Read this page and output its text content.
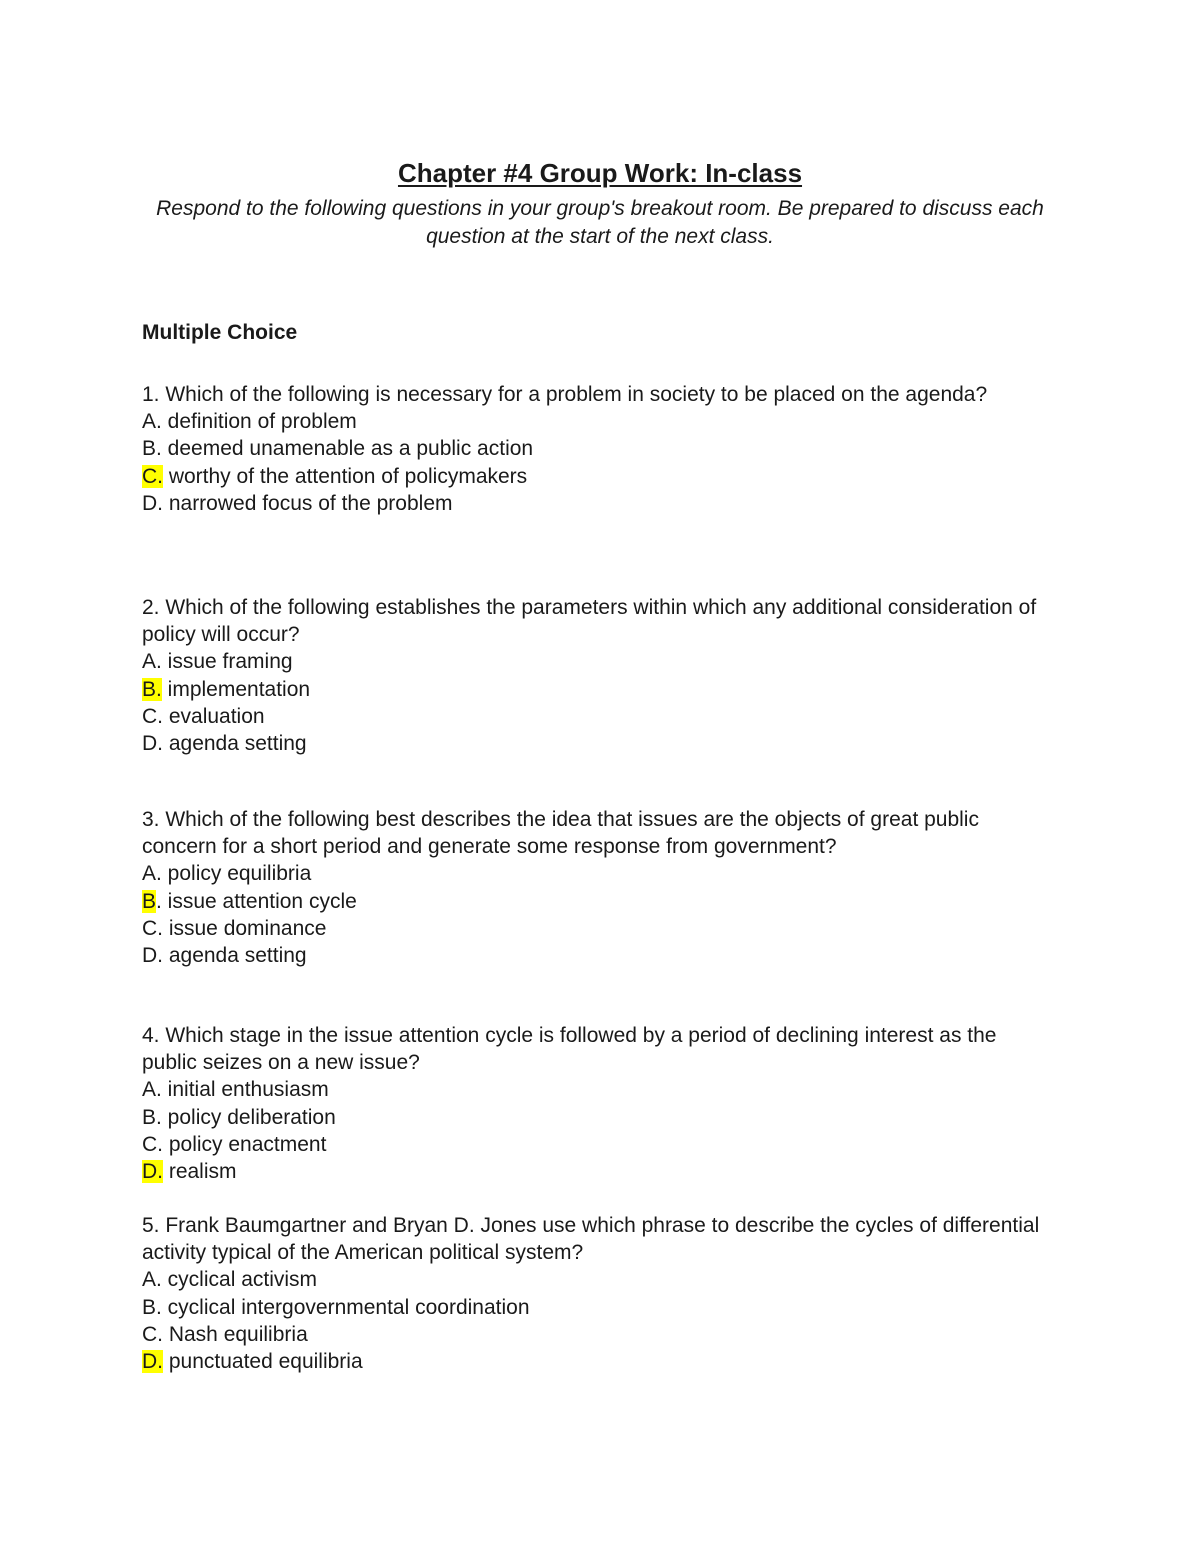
Chapter #4 Group Work: In-class
Respond to the following questions in your group's breakout room. Be prepared to discuss each question at the start of the next class.
Multiple Choice

1. Which of the following is necessary for a problem in society to be placed on the agenda?

A. definition of problem

B. deemed unamenable as a public action

C. worthy of the attention of policymakers

D. narrowed focus of the problem

2. Which of the following establishes the parameters within which any additional consideration of policy will occur?

A. issue framing

B. implementation

C. evaluation

D. agenda setting

3. Which of the following best describes the idea that issues are the objects of great public concern for a short period and generate some response from government?

A. policy equilibria

B. issue attention cycle

C. issue dominance

D. agenda setting

4. Which stage in the issue attention cycle is followed by a period of declining interest as the public seizes on a new issue?

A. initial enthusiasm

B. policy deliberation

C. policy enactment

D. realism

5. Frank Baumgartner and Bryan D. Jones use which phrase to describe the cycles of differential activity typical of the American political system?

A. cyclical activism

B. cyclical intergovernmental coordination

C. Nash equilibria

D. punctuated equilibria
